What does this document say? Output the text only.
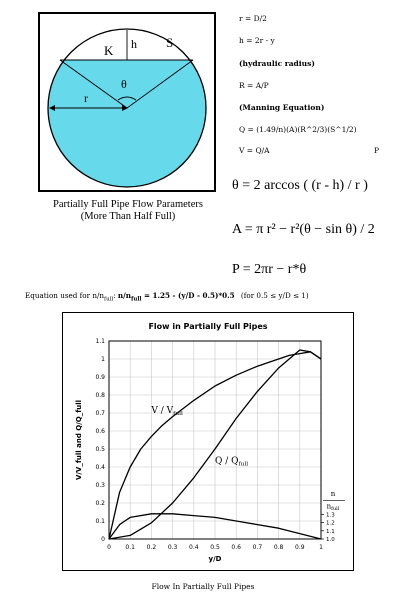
K h S
θ
r
Partially Full Pipe Flow Parameters
(More Than Half Full)
r = D/2
h = 2r - y
(hydraulic radius)
R = A/P
(Manning Equation)
Q = (1.49/n)(A)(R^2/3)(S^1/2)
V = Q/A	P
θ = 2 arccos ( (r - h) / r )
A = π r² − r²(θ − sin θ) / 2
P = 2πr − r*θ
Equation used for $n/n_{full}$: $n/n_{full} = 1.25 - (y/D - 0.5)*0.5$ (for 0.5 ≤ y/D ≤ 1)
Flow in Partially Full Pipes
0 0.1 0.2 0.3 0.4 0.5 0.6 0.7 0.8 0.9 1
0
0.1
0.2
0.3
0.4
0.5
0.6
0.7
0.8
0.9
1
1.1
1.0
1.1
1.2
1.3
V / $V_{full}$
Q / $Q_{full}$
n
$n_{full}$
y/D
V/V_full and Q/Q_full
Flow In Partially Full Pipes
